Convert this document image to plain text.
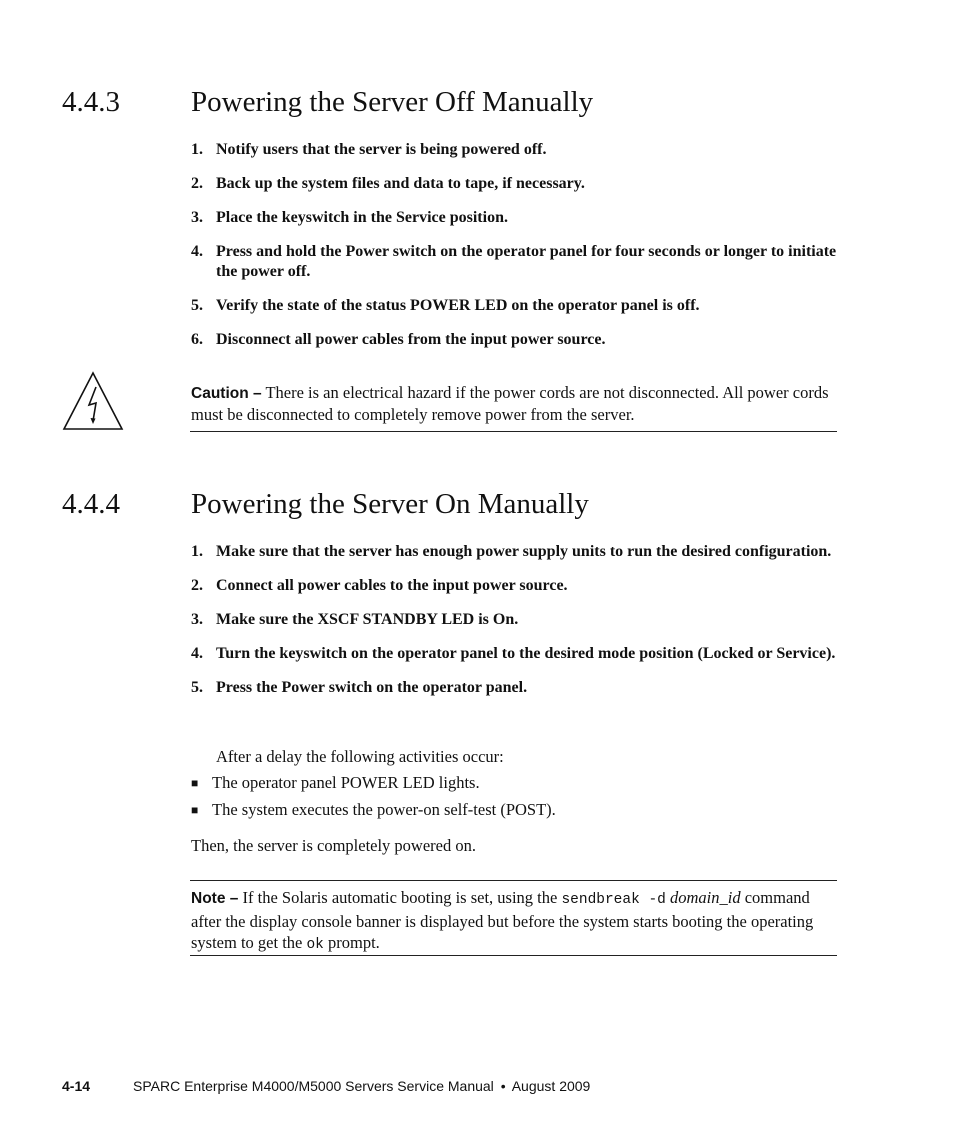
4.4.3 Powering the Server Off Manually
1. Notify users that the server is being powered off.
2. Back up the system files and data to tape, if necessary.
3. Place the keyswitch in the Service position.
4. Press and hold the Power switch on the operator panel for four seconds or longer to initiate the power off.
5. Verify the state of the status POWER LED on the operator panel is off.
6. Disconnect all power cables from the input power source.
Caution – There is an electrical hazard if the power cords are not disconnected. All power cords must be disconnected to completely remove power from the server.
4.4.4 Powering the Server On Manually
1. Make sure that the server has enough power supply units to run the desired configuration.
2. Connect all power cables to the input power source.
3. Make sure the XSCF STANDBY LED is On.
4. Turn the keyswitch on the operator panel to the desired mode position (Locked or Service).
5. Press the Power switch on the operator panel.
After a delay the following activities occur:
■ The operator panel POWER LED lights.
■ The system executes the power-on self-test (POST).
Then, the server is completely powered on.
Note – If the Solaris automatic booting is set, using the sendbreak -d domain_id command after the display console banner is displayed but before the system starts booting the operating system to get the ok prompt.
4-14	SPARC Enterprise M4000/M5000 Servers Service Manual • August 2009
